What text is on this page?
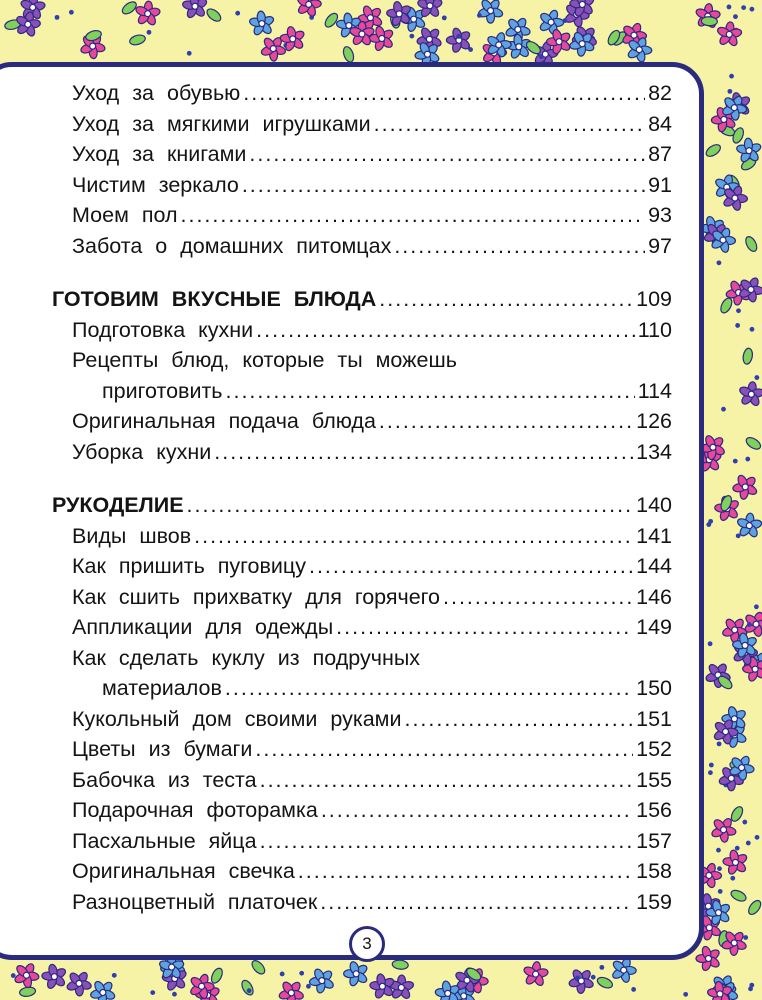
Уход за обувью .....	82
Уход за мягкими игрушками .....	84
Уход за книгами .....	87
Чистим зеркало .....	91
Моем пол .....	93
Забота о домашних питомцах .....	97
ГОТОВИМ ВКУСНЫЕ БЛЮДА .....	109
Подготовка кухни .....	110
Рецепты блюд, которые ты можешь
приготовить .....	114
Оригинальная подача блюда .....	126
Уборка кухни .....	134
РУКОДЕЛИЕ .....	140
Виды швов .....	141
Как пришить пуговицу .....	144
Как сшить прихватку для горячего .....	146
Аппликации для одежды .....	149
Как сделать куклу из подручных
материалов .....	150
Кукольный дом своими руками .....	151
Цветы из бумаги .....	152
Бабочка из теста .....	155
Подарочная фоторамка .....	156
Пасхальные яйца .....	157
Оригинальная свечка .....	158
Разноцветный платочек .....	159
3
